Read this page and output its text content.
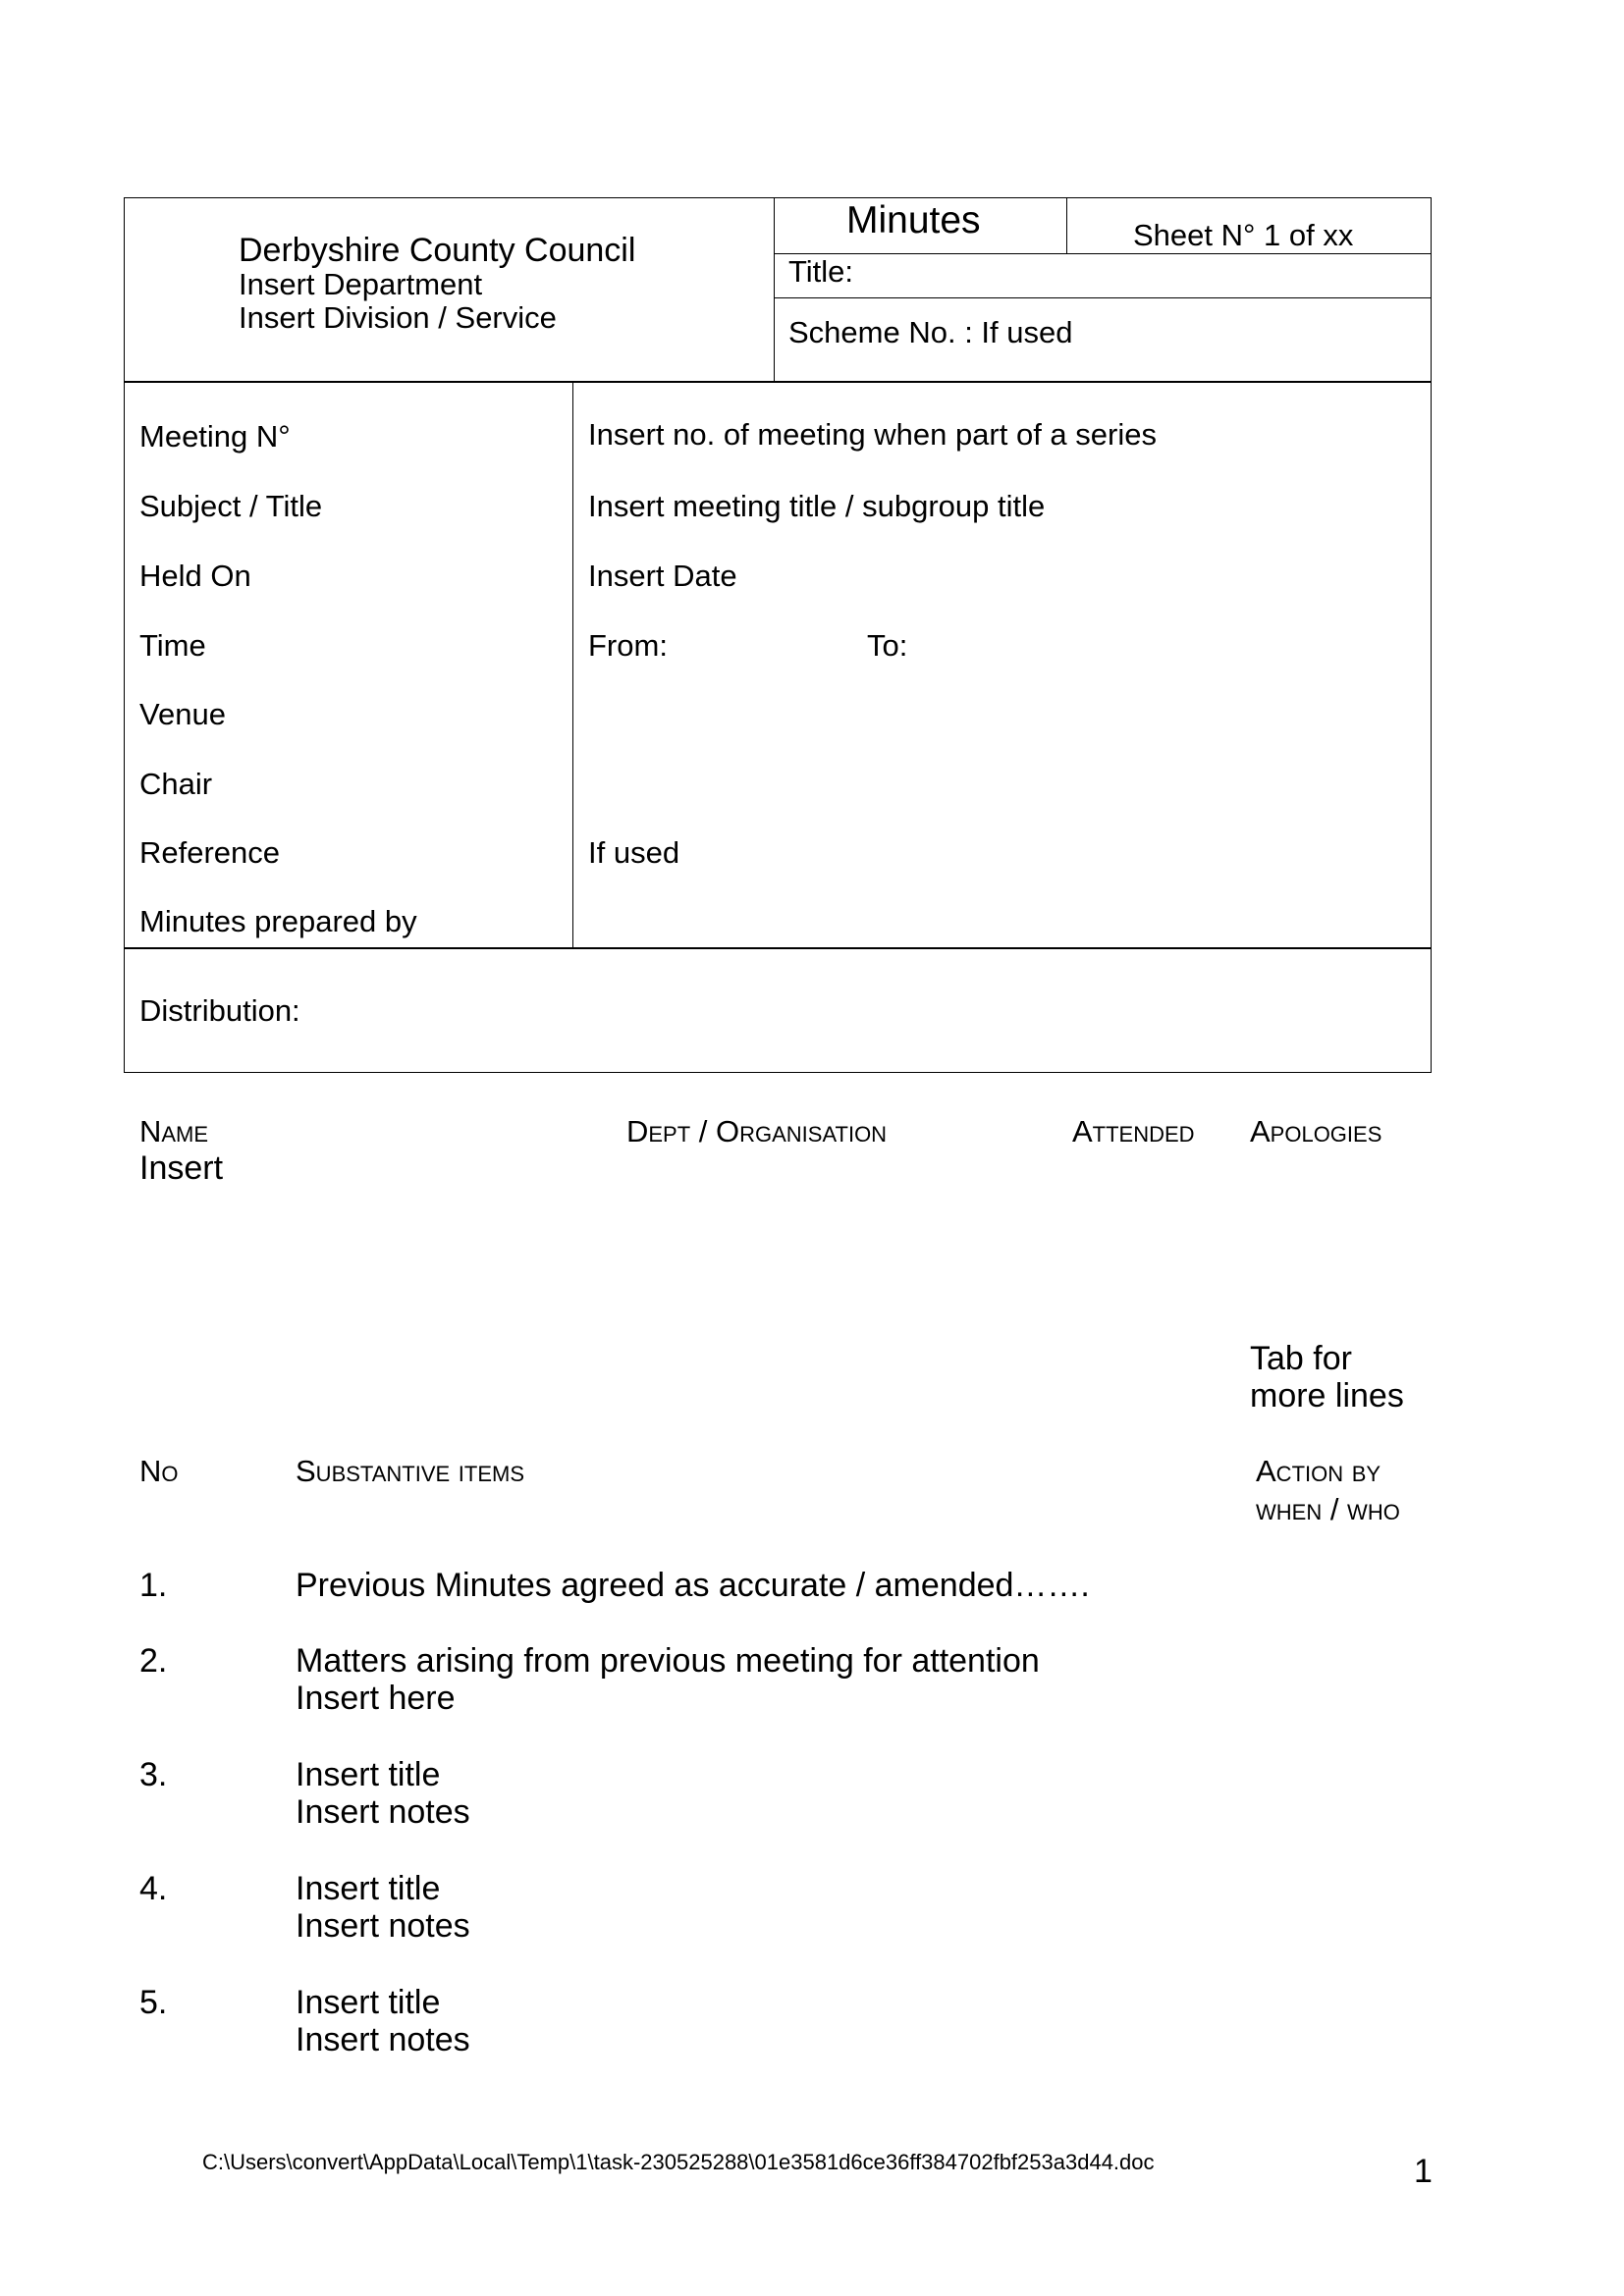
Derbyshire County Council
Insert Department
Insert Division / Service
Minutes	Sheet N° 1 of xx
Title:
Scheme No. : If used
Meeting N°	Insert no. of meeting when part of a series
Subject / Title	Insert meeting title / subgroup title
Held On	Insert Date
Time	From:	To:
Venue
Chair
Reference	If used
Minutes prepared by
Distribution:
Name	Dept / Organisation	Attended Apologies
Insert
Tab for
more lines
No	Substantive items	Action by
when / who
1.	Previous Minutes agreed as accurate / amended…….
2.	Matters arising from previous meeting for attention
Insert here
3.	Insert title
Insert notes
4.	Insert title
Insert notes
5.	Insert title
Insert notes
C:\Users\convert\AppData\Local\Temp\1\task-230525288\01e3581d6ce36ff384702fbf253a3d44.doc	1
